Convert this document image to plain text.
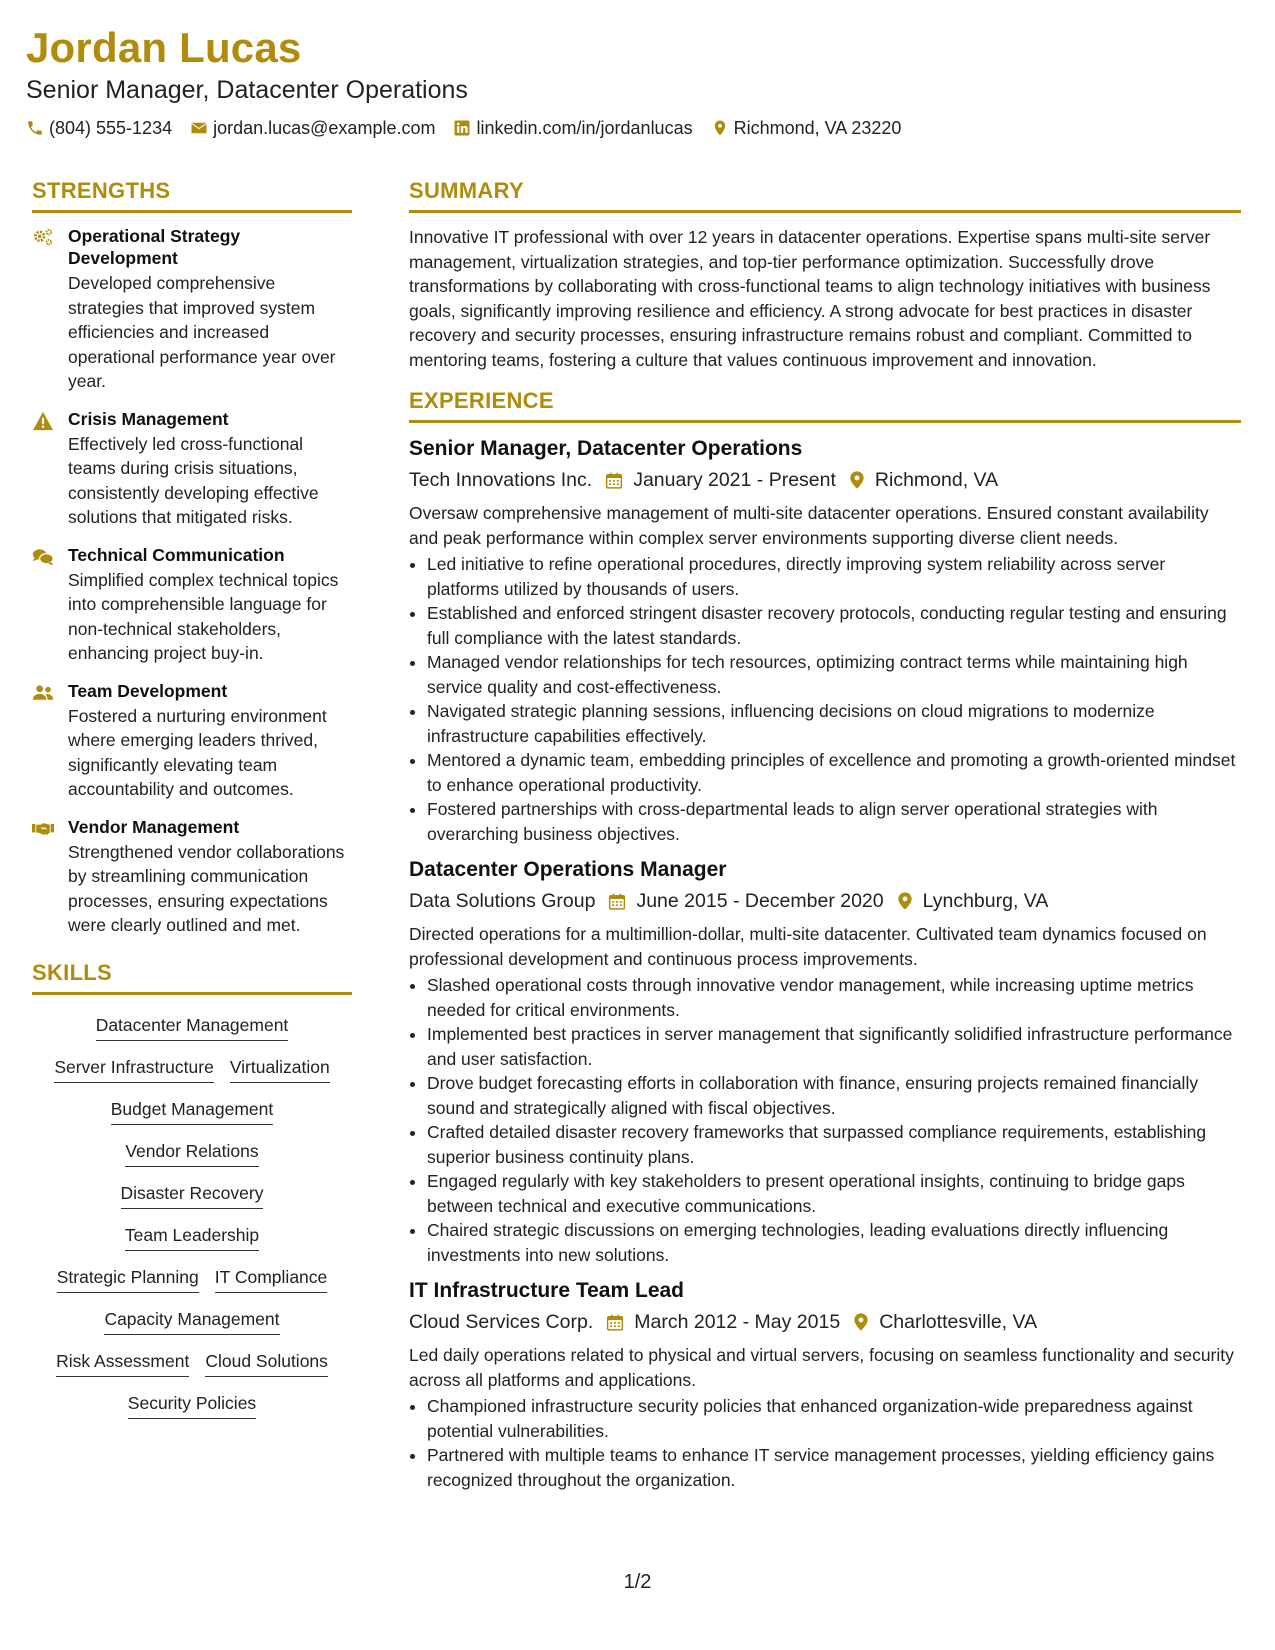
Jordan Lucas
Senior Manager, Datacenter Operations
(804) 555-1234 jordan.lucas@example.com linkedin.com/in/jordanlucas Richmond, VA 23220
STRENGTHS
Operational Strategy Development
Developed comprehensive strategies that improved system efficiencies and increased operational performance year over year.
Crisis Management
Effectively led cross-functional teams during crisis situations, consistently developing effective solutions that mitigated risks.
Technical Communication
Simplified complex technical topics into comprehensible language for non-technical stakeholders, enhancing project buy-in.
Team Development
Fostered a nurturing environment where emerging leaders thrived, significantly elevating team accountability and outcomes.
Vendor Management
Strengthened vendor collaborations by streamlining communication processes, ensuring expectations were clearly outlined and met.
SKILLS
Datacenter Management
Server Infrastructure Virtualization
Budget Management
Vendor Relations
Disaster Recovery
Team Leadership
Strategic Planning IT Compliance
Capacity Management
Risk Assessment Cloud Solutions
Security Policies
SUMMARY
Innovative IT professional with over 12 years in datacenter operations. Expertise spans multi-site server management, virtualization strategies, and top-tier performance optimization. Successfully drove transformations by collaborating with cross-functional teams to align technology initiatives with business goals, significantly improving resilience and efficiency. A strong advocate for best practices in disaster recovery and security processes, ensuring infrastructure remains robust and compliant. Committed to mentoring teams, fostering a culture that values continuous improvement and innovation.
EXPERIENCE
Senior Manager, Datacenter Operations
Tech Innovations Inc. January 2021 - Present Richmond, VA
Oversaw comprehensive management of multi-site datacenter operations. Ensured constant availability and peak performance within complex server environments supporting diverse client needs.
• Led initiative to refine operational procedures, directly improving system reliability across server platforms utilized by thousands of users.
• Established and enforced stringent disaster recovery protocols, conducting regular testing and ensuring full compliance with the latest standards.
• Managed vendor relationships for tech resources, optimizing contract terms while maintaining high service quality and cost-effectiveness.
• Navigated strategic planning sessions, influencing decisions on cloud migrations to modernize infrastructure capabilities effectively.
• Mentored a dynamic team, embedding principles of excellence and promoting a growth-oriented mindset to enhance operational productivity.
• Fostered partnerships with cross-departmental leads to align server operational strategies with overarching business objectives.
Datacenter Operations Manager
Data Solutions Group June 2015 - December 2020 Lynchburg, VA
Directed operations for a multimillion-dollar, multi-site datacenter. Cultivated team dynamics focused on professional development and continuous process improvements.
• Slashed operational costs through innovative vendor management, while increasing uptime metrics needed for critical environments.
• Implemented best practices in server management that significantly solidified infrastructure performance and user satisfaction.
• Drove budget forecasting efforts in collaboration with finance, ensuring projects remained financially sound and strategically aligned with fiscal objectives.
• Crafted detailed disaster recovery frameworks that surpassed compliance requirements, establishing superior business continuity plans.
• Engaged regularly with key stakeholders to present operational insights, continuing to bridge gaps between technical and executive communications.
• Chaired strategic discussions on emerging technologies, leading evaluations directly influencing investments into new solutions.
IT Infrastructure Team Lead
Cloud Services Corp. March 2012 - May 2015 Charlottesville, VA
Led daily operations related to physical and virtual servers, focusing on seamless functionality and security across all platforms and applications.
• Championed infrastructure security policies that enhanced organization-wide preparedness against potential vulnerabilities.
• Partnered with multiple teams to enhance IT service management processes, yielding efficiency gains recognized throughout the organization.
1/2
